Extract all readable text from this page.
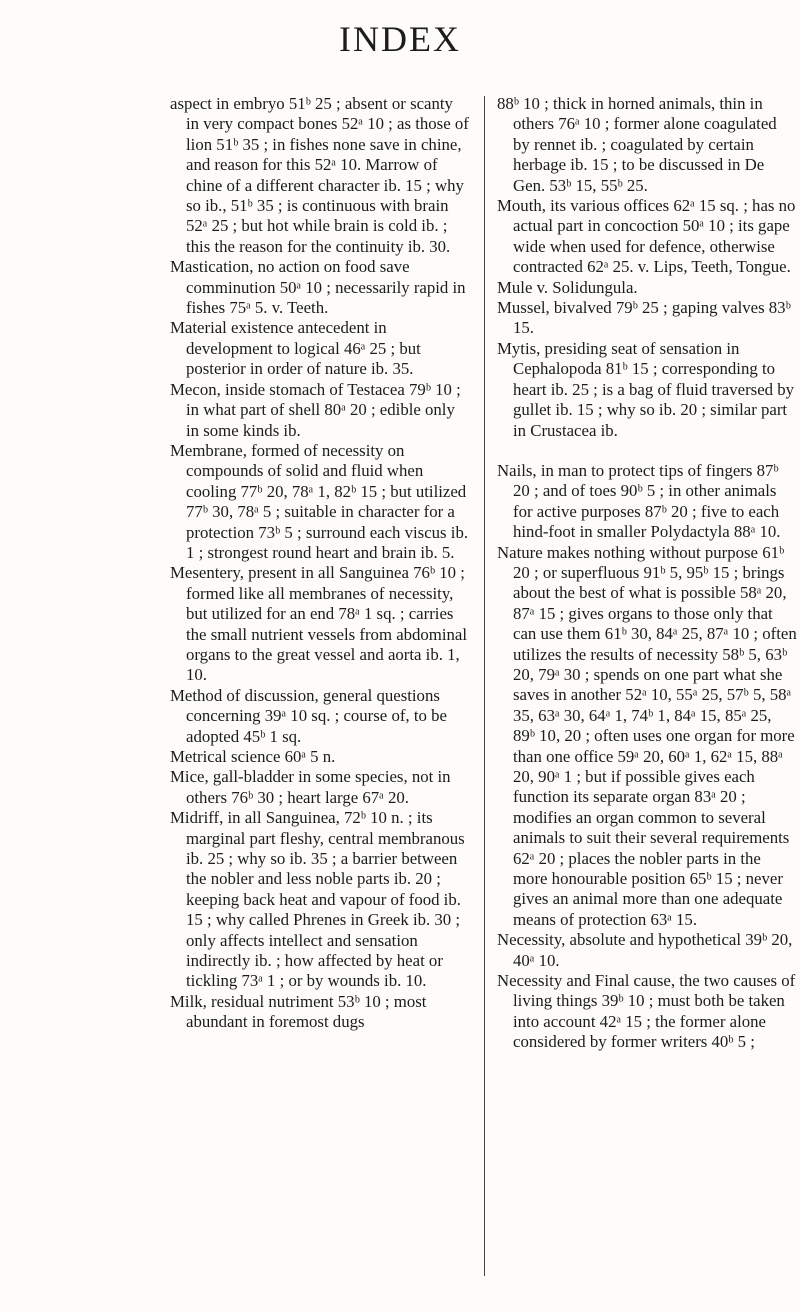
INDEX

aspect in embryo 51ᵇ 25 ; absent or scanty in very compact bones 52ᵃ 10 ; as those of lion 51ᵇ 35 ; in fishes none save in chine, and reason for this 52ᵃ 10. Marrow of chine of a different character ib. 15 ; why so ib., 51ᵇ 35 ; is continuous with brain 52ᵃ 25 ; but hot while brain is cold ib. ; this the reason for the continuity ib. 30.

Mastication, no action on food save comminution 50ᵃ 10 ; necessarily rapid in fishes 75ᵃ 5. v. Teeth.

Material existence antecedent in development to logical 46ᵃ 25 ; but posterior in order of nature ib. 35.

Mecon, inside stomach of Testacea 79ᵇ 10 ; in what part of shell 80ᵃ 20 ; edible only in some kinds ib.

Membrane, formed of necessity on compounds of solid and fluid when cooling 77ᵇ 20, 78ᵃ 1, 82ᵇ 15 ; but utilized 77ᵇ 30, 78ᵃ 5 ; suitable in character for a protection 73ᵇ 5 ; surround each viscus ib. 1 ; strongest round heart and brain ib. 5.

Mesentery, present in all Sanguinea 76ᵇ 10 ; formed like all membranes of necessity, but utilized for an end 78ᵃ 1 sq. ; carries the small nutrient vessels from abdominal organs to the great vessel and aorta ib. 1, 10.

Method of discussion, general questions concerning 39ᵃ 10 sq. ; course of, to be adopted 45ᵇ 1 sq.

Metrical science 60ᵃ 5 n.

Mice, gall-bladder in some species, not in others 76ᵇ 30 ; heart large 67ᵃ 20.

Midriff, in all Sanguinea, 72ᵇ 10 n. ; its marginal part fleshy, central membranous ib. 25 ; why so ib. 35 ; a barrier between the nobler and less noble parts ib. 20 ; keeping back heat and vapour of food ib. 15 ; why called Phrenes in Greek ib. 30 ; only affects intellect and sensation indirectly ib. ; how affected by heat or tickling 73ᵃ 1 ; or by wounds ib. 10.

Milk, residual nutriment 53ᵇ 10 ; most abundant in foremost dugs

88ᵇ 10 ; thick in horned animals, thin in others 76ᵃ 10 ; former alone coagulated by rennet ib. ; coagulated by certain herbage ib. 15 ; to be discussed in De Gen. 53ᵇ 15, 55ᵇ 25.

Mouth, its various offices 62ᵃ 15 sq. ; has no actual part in concoction 50ᵃ 10 ; its gape wide when used for defence, otherwise contracted 62ᵃ 25. v. Lips, Teeth, Tongue.

Mule v. Solidungula.

Mussel, bivalved 79ᵇ 25 ; gaping valves 83ᵇ 15.

Mytis, presiding seat of sensation in Cephalopoda 81ᵇ 15 ; corresponding to heart ib. 25 ; is a bag of fluid traversed by gullet ib. 15 ; why so ib. 20 ; similar part in Crustacea ib.

Nails, in man to protect tips of fingers 87ᵇ 20 ; and of toes 90ᵇ 5 ; in other animals for active purposes 87ᵇ 20 ; five to each hind-foot in smaller Polydactyla 88ᵃ 10.

Nature makes nothing without purpose 61ᵇ 20 ; or superfluous 91ᵇ 5, 95ᵇ 15 ; brings about the best of what is possible 58ᵃ 20, 87ᵃ 15 ; gives organs to those only that can use them 61ᵇ 30, 84ᵃ 25, 87ᵃ 10 ; often utilizes the results of necessity 58ᵇ 5, 63ᵇ 20, 79ᵃ 30 ; spends on one part what she saves in another 52ᵃ 10, 55ᵃ 25, 57ᵇ 5, 58ᵃ 35, 63ᵃ 30, 64ᵃ 1, 74ᵇ 1, 84ᵃ 15, 85ᵃ 25, 89ᵇ 10, 20 ; often uses one organ for more than one office 59ᵃ 20, 60ᵃ 1, 62ᵃ 15, 88ᵃ 20, 90ᵃ 1 ; but if possible gives each function its separate organ 83ᵃ 20 ; modifies an organ common to several animals to suit their several requirements 62ᵃ 20 ; places the nobler parts in the more honourable position 65ᵇ 15 ; never gives an animal more than one adequate means of protection 63ᵃ 15.

Necessity, absolute and hypothetical 39ᵇ 20, 40ᵃ 10.

Necessity and Final cause, the two causes of living things 39ᵇ 10 ; must both be taken into account 42ᵃ 15 ; the former alone considered by former writers 40ᵇ 5 ;
